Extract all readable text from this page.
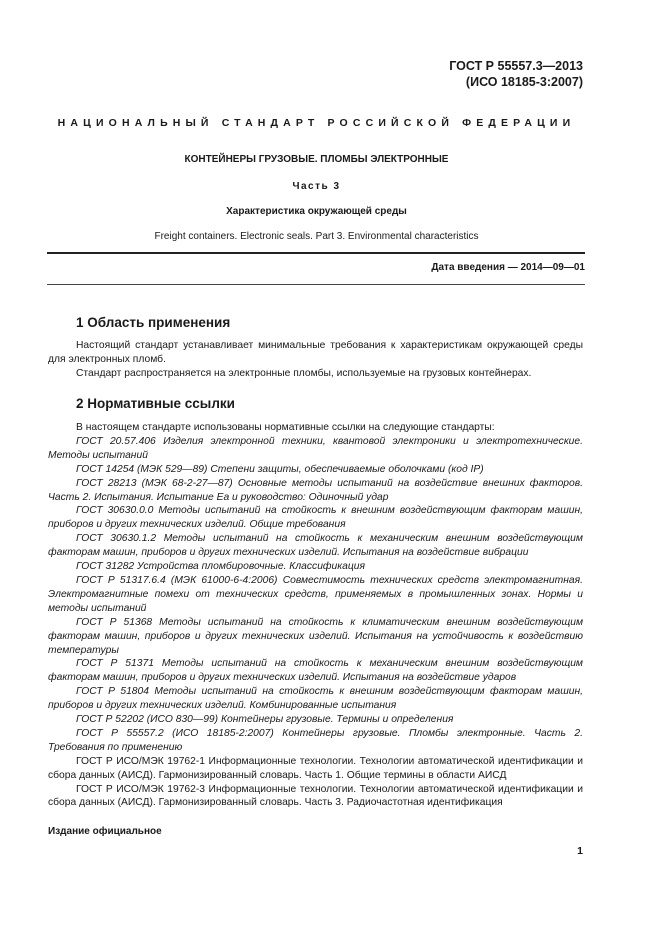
ГОСТ Р 55557.3—2013
(ИСО 18185-3:2007)
НАЦИОНАЛЬНЫЙ СТАНДАРТ РОССИЙСКОЙ ФЕДЕРАЦИИ
КОНТЕЙНЕРЫ ГРУЗОВЫЕ. ПЛОМБЫ ЭЛЕКТРОННЫЕ
Часть 3
Характеристика окружающей среды
Freight containers. Electronic seals. Part 3. Environmental characteristics
Дата введения — 2014—09—01
1 Область применения

Настоящий стандарт устанавливает минимальные требования к характеристикам окружающей среды для электронных пломб.

Стандарт распространяется на электронные пломбы, используемые на грузовых контейнерах.

2 Нормативные ссылки

В настоящем стандарте использованы нормативные ссылки на следующие стандарты:

ГОСТ 20.57.406 Изделия электронной техники, квантовой электроники и электротехнические. Методы испытаний

ГОСТ 14254 (МЭК 529—89) Степени защиты, обеспечиваемые оболочками (код IP)

ГОСТ 28213 (МЭК 68-2-27—87) Основные методы испытаний на воздействие внешних факторов. Часть 2. Испытания. Испытание Еа и руководство: Одиночный удар

ГОСТ 30630.0.0 Методы испытаний на стойкость к внешним воздействующим факторам машин, приборов и других технических изделий. Общие требования

ГОСТ 30630.1.2 Методы испытаний на стойкость к механическим внешним воздействующим факторам машин, приборов и других технических изделий. Испытания на воздействие вибрации

ГОСТ 31282 Устройства пломбировочные. Классификация

ГОСТ Р 51317.6.4 (МЭК 61000-6-4:2006) Совместимость технических средств электромагнитная. Электромагнитные помехи от технических средств, применяемых в промышленных зонах. Нормы и методы испытаний

ГОСТ Р 51368 Методы испытаний на стойкость к климатическим внешним воздействующим факторам машин, приборов и других технических изделий. Испытания на устойчивость к воздействию температуры

ГОСТ Р 51371 Методы испытаний на стойкость к механическим внешним воздействующим факторам машин, приборов и других технических изделий. Испытания на воздействие ударов

ГОСТ Р 51804 Методы испытаний на стойкость к внешним воздействующим факторам машин, приборов и других технических изделий. Комбинированные испытания

ГОСТ Р 52202 (ИСО 830—99) Контейнеры грузовые. Термины и определения

ГОСТ Р 55557.2 (ИСО 18185-2:2007) Контейнеры грузовые. Пломбы электронные. Часть 2. Требования по применению

ГОСТ Р ИСО/МЭК 19762-1 Информационные технологии. Технологии автоматической идентификации и сбора данных (АИСД). Гармонизированный словарь. Часть 1. Общие термины в области АИСД

ГОСТ Р ИСО/МЭК 19762-3 Информационные технологии. Технологии автоматической идентификации и сбора данных (АИСД). Гармонизированный словарь. Часть 3. Радиочастотная идентификация

Издание официальное
1
